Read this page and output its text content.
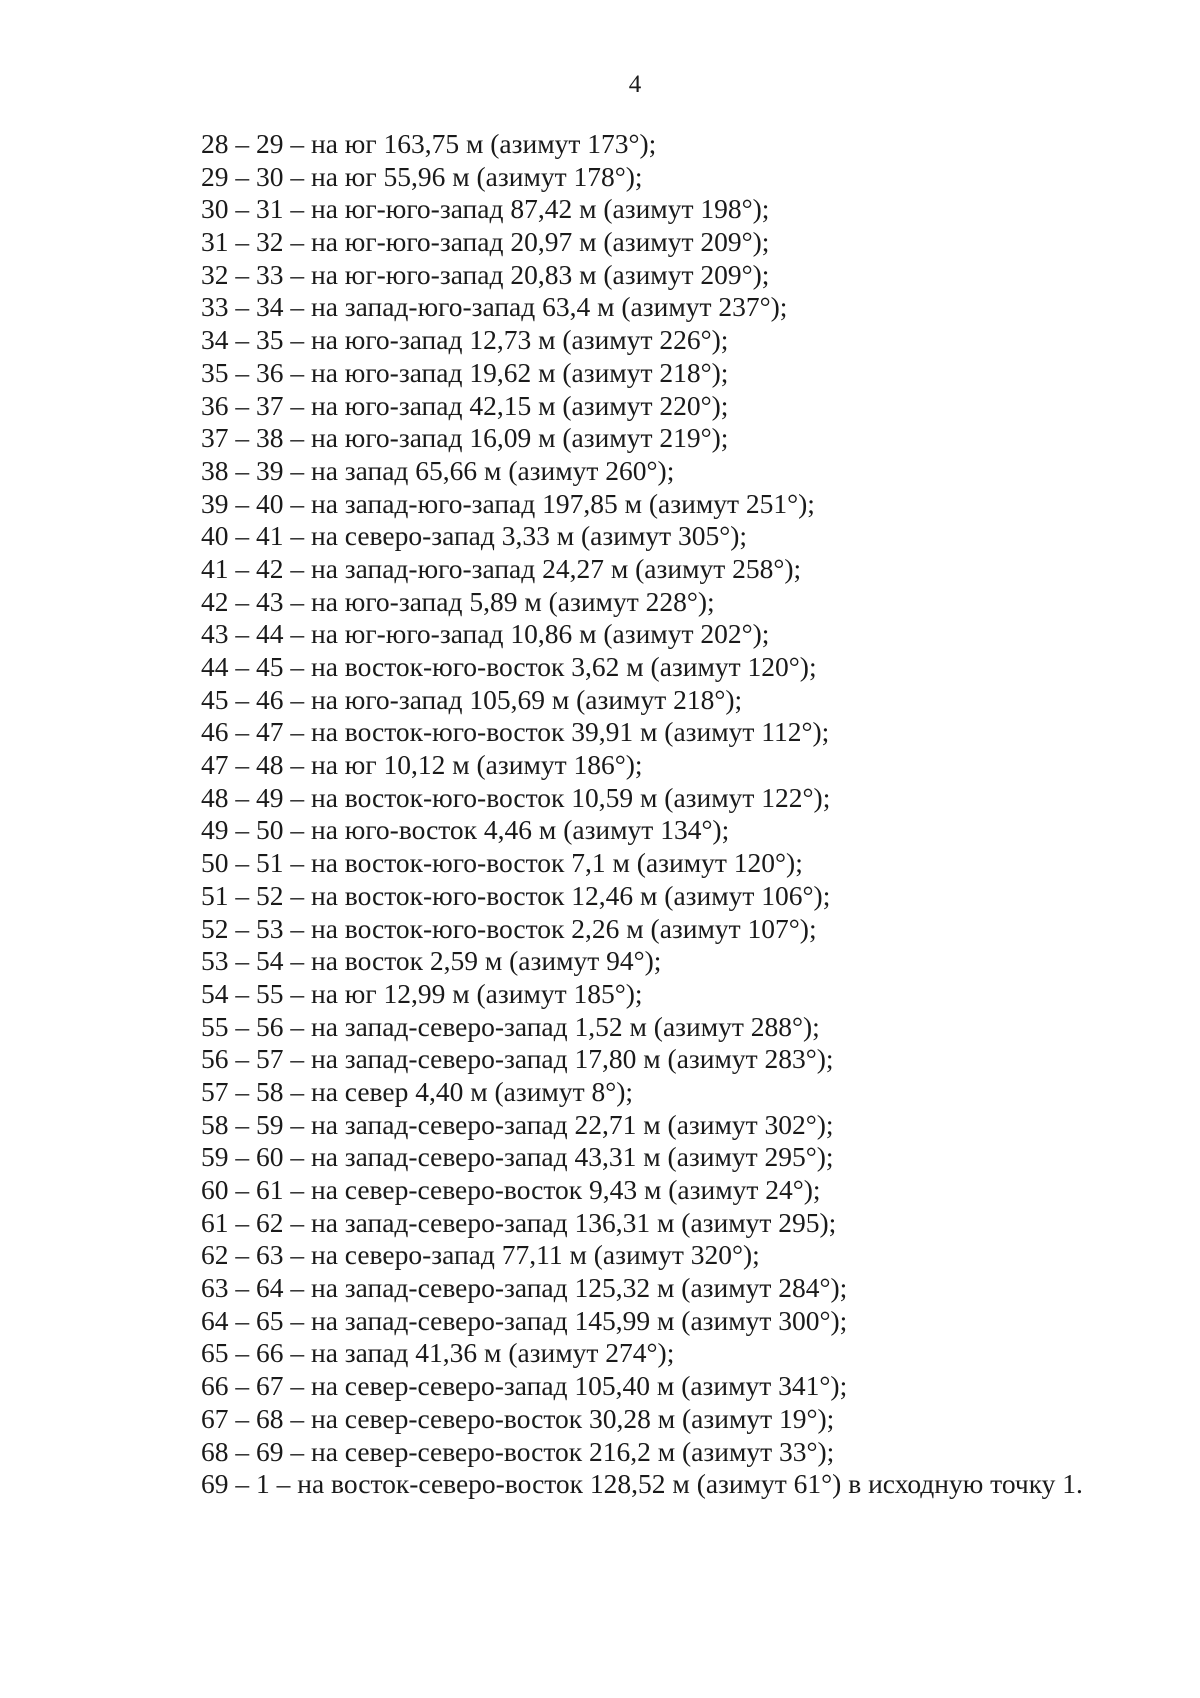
4
28 – 29 – на юг 163,75 м (азимут 173°);
29 – 30 – на юг 55,96 м (азимут 178°);
30 – 31 – на юг-юго-запад 87,42 м (азимут 198°);
31 – 32 – на юг-юго-запад 20,97 м (азимут 209°);
32 – 33 – на юг-юго-запад 20,83 м (азимут 209°);
33 – 34 – на запад-юго-запад 63,4 м (азимут 237°);
34 – 35 – на юго-запад 12,73 м (азимут 226°);
35 – 36 – на юго-запад 19,62 м (азимут 218°);
36 – 37 – на юго-запад 42,15 м (азимут 220°);
37 – 38 – на юго-запад 16,09 м (азимут 219°);
38 – 39 – на запад 65,66 м (азимут 260°);
39 – 40 – на запад-юго-запад 197,85 м (азимут 251°);
40 – 41 – на северо-запад 3,33 м (азимут 305°);
41 – 42 – на запад-юго-запад 24,27 м (азимут 258°);
42 – 43 – на юго-запад 5,89 м (азимут 228°);
43 – 44 – на юг-юго-запад 10,86 м (азимут 202°);
44 – 45 – на восток-юго-восток 3,62 м (азимут 120°);
45 – 46 – на юго-запад 105,69 м (азимут 218°);
46 – 47 – на восток-юго-восток 39,91 м (азимут 112°);
47 – 48 – на юг 10,12 м (азимут 186°);
48 – 49 – на восток-юго-восток 10,59 м (азимут 122°);
49 – 50 – на юго-восток 4,46 м (азимут 134°);
50 – 51 – на восток-юго-восток 7,1 м (азимут 120°);
51 – 52 – на восток-юго-восток 12,46 м (азимут 106°);
52 – 53 – на восток-юго-восток 2,26 м (азимут 107°);
53 – 54 – на восток 2,59 м (азимут 94°);
54 – 55 – на юг 12,99 м (азимут 185°);
55 – 56 – на запад-северо-запад 1,52 м (азимут 288°);
56 – 57 – на запад-северо-запад 17,80 м (азимут 283°);
57 – 58 – на север 4,40 м (азимут 8°);
58 – 59 – на запад-северо-запад 22,71 м (азимут 302°);
59 – 60 – на запад-северо-запад 43,31 м (азимут 295°);
60 – 61 – на север-северо-восток 9,43 м (азимут 24°);
61 – 62 – на запад-северо-запад 136,31 м (азимут 295);
62 – 63 – на северо-запад 77,11 м (азимут 320°);
63 – 64 – на запад-северо-запад 125,32 м (азимут 284°);
64 – 65 – на запад-северо-запад 145,99 м (азимут 300°);
65 – 66 – на запад 41,36 м (азимут 274°);
66 – 67 – на север-северо-запад 105,40 м (азимут 341°);
67 – 68 – на север-северо-восток 30,28 м (азимут 19°);
68 – 69 – на север-северо-восток 216,2 м (азимут 33°);
69 – 1 – на восток-северо-восток 128,52 м (азимут 61°) в исходную точку 1.
